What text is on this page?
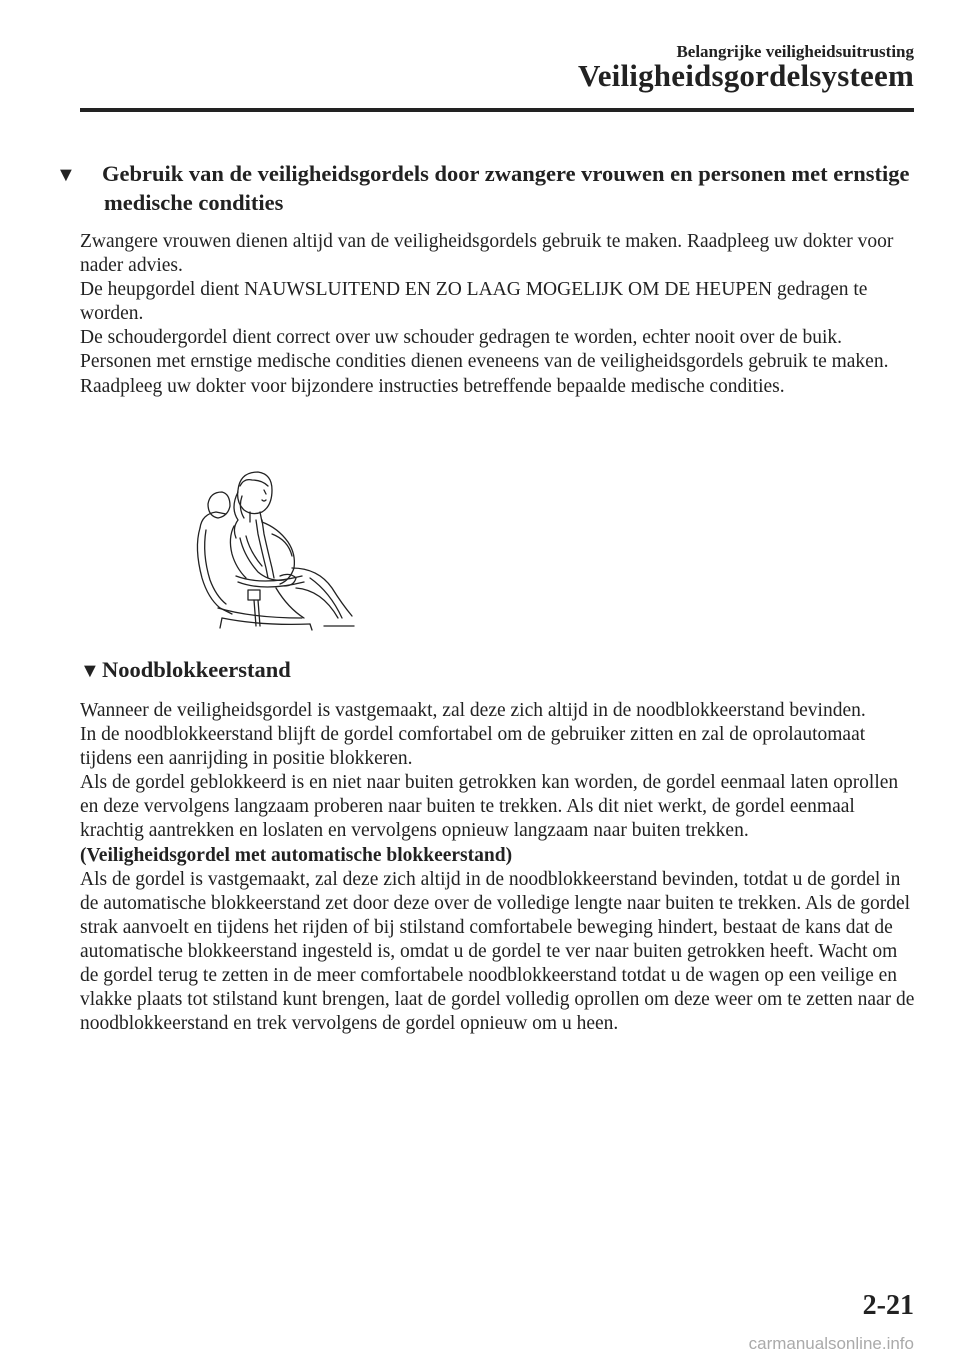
Belangrijke veiligheidsuitrusting
Veiligheidsgordelsysteem
▼ Gebruik van de veiligheidsgordels door zwangere vrouwen en personen met ernstige medische condities

Zwangere vrouwen dienen altijd van de veiligheidsgordels gebruik te maken. Raadpleeg uw dokter voor nader advies.

De heupgordel dient NAUWSLUITEND EN ZO LAAG MOGELIJK OM DE HEUPEN gedragen te worden.

De schoudergordel dient correct over uw schouder gedragen te worden, echter nooit over de buik.

Personen met ernstige medische condities dienen eveneens van de veiligheidsgordels gebruik te maken. Raadpleeg uw dokter voor bijzondere instructies betreffende bepaalde medische condities.

▼Noodblokkeerstand

Wanneer de veiligheidsgordel is vastgemaakt, zal deze zich altijd in de noodblokkeerstand bevinden.

In de noodblokkeerstand blijft de gordel comfortabel om de gebruiker zitten en zal de oprolautomaat tijdens een aanrijding in positie blokkeren.

Als de gordel geblokkeerd is en niet naar buiten getrokken kan worden, de gordel eenmaal laten oprollen en deze vervolgens langzaam proberen naar buiten te trekken. Als dit niet werkt, de gordel eenmaal krachtig aantrekken en loslaten en vervolgens opnieuw langzaam naar buiten trekken.

(Veiligheidsgordel met automatische blokkeerstand)

Als de gordel is vastgemaakt, zal deze zich altijd in de noodblokkeerstand bevinden, totdat u de gordel in de automatische blokkeerstand zet door deze over de volledige lengte naar buiten te trekken. Als de gordel strak aanvoelt en tijdens het rijden of bij stilstand comfortabele beweging hindert, bestaat de kans dat de automatische blokkeerstand ingesteld is, omdat u de gordel te ver naar buiten getrokken heeft. Wacht om de gordel terug te zetten in de meer comfortabele noodblokkeerstand totdat u de wagen op een veilige en vlakke plaats tot stilstand kunt brengen, laat de gordel volledig oprollen om deze weer om te zetten naar de noodblokkeerstand en trek vervolgens de gordel opnieuw om u heen.

2-21
carmanualsonline.info
